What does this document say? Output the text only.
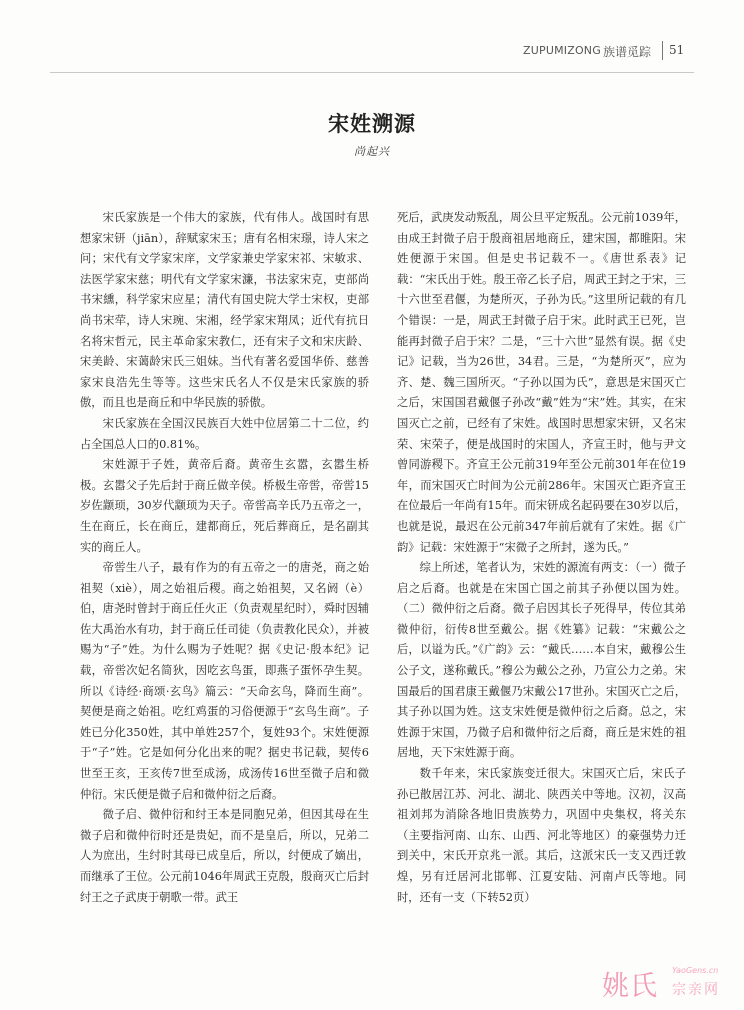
ZUPUMIZONG 族谱觅踪 51
宋姓溯源
尚起兴

宋氏家族是一个伟大的家族，代有伟人。战国时有思想家宋钘（jiān），辞赋家宋玉；唐有名相宋璟，诗人宋之问；宋代有文学家宋庠，文学家兼史学家宋祁、宋敏求、法医学家宋慈；明代有文学家宋濂，书法家宋克，吏部尚书宋纁，科学家宋应星；清代有国史院大学士宋权，吏部尚书宋荦，诗人宋琬、宋湘，经学家宋翔凤；近代有抗日名将宋哲元，民主革命家宋教仁，还有宋子文和宋庆龄、宋美龄、宋蔼龄宋氏三姐妹。当代有著名爱国华侨、慈善家宋良浩先生等等。这些宋氏名人不仅是宋氏家族的骄傲，而且也是商丘和中华民族的骄傲。

宋氏家族在全国汉民族百大姓中位居第二十二位，约占全国总人口的0.81%。

宋姓源于子姓，黄帝后裔。黄帝生玄嚣，玄嚣生桥极。玄嚣父子先后封于商丘做辛侯。桥极生帝喾，帝喾15岁佐颛顼，30岁代颛顼为天子。帝喾高辛氏乃五帝之一，生在商丘，长在商丘，建都商丘，死后葬商丘，是名副其实的商丘人。

帝喾生八子，最有作为的有五帝之一的唐尧，商之始祖契（xiè），周之始祖后稷。商之始祖契，又名阏（è）伯，唐尧时曾封于商丘任火正（负责观星纪时），舜时因辅佐大禹治水有功，封于商丘任司徒（负责教化民众），并被赐为“子”姓。为什么赐为子姓呢？据《史记·殷本纪》记载，帝喾次妃名简狄，因吃玄鸟蛋，即燕子蛋怀孕生契。所以《诗经·商颂·玄鸟》篇云：“天命玄鸟，降而生商”。契便是商之始祖。吃红鸡蛋的习俗便源于“玄鸟生商”。子姓已分化350姓，其中单姓257个，复姓93个。宋姓便源于“子”姓。它是如何分化出来的呢？据史书记载，契传6世至王亥，王亥传7世至成汤，成汤传16世至微子启和微仲衍。宋氏便是微子启和微仲衍之后裔。

微子启、微仲衍和纣王本是同胞兄弟，但因其母在生微子启和微仲衍时还是贵妃，而不是皇后，所以，兄弟二人为庶出，生纣时其母已成皇后，所以，纣便成了嫡出，而继承了王位。公元前1046年周武王克殷，殷商灭亡后封纣王之子武庚于朝歌一带。武王

死后，武庚发动叛乱，周公旦平定叛乱。公元前1039年，由成王封微子启于殷商祖居地商丘，建宋国，都睢阳。宋姓便源于宋国。但是史书记载不一。《唐世系表》记载：“宋氏出于姓。殷王帝乙长子启，周武王封之于宋，三十六世至君偃，为楚所灭，子孙为氏。”这里所记载的有几个错误：一是，周武王封微子启于宋。此时武王已死，岂能再封微子启于宋？二是，“三十六世”显然有误。据《史记》记载，当为26世，34君。三是，“为楚所灭”，应为齐、楚、魏三国所灭。“子孙以国为氏”，意思是宋国灭亡之后，宋国国君戴偃子孙改“戴”姓为“宋”姓。其实，在宋国灭亡之前，已经有了宋姓。战国时思想家宋钘，又名宋荣、宋荣子，便是战国时的宋国人，齐宣王时，他与尹文曾同游稷下。齐宣王公元前319年至公元前301年在位19年，而宋国灭亡时间为公元前286年。宋国灭亡距齐宣王在位最后一年尚有15年。而宋钘成名起码要在30岁以后，也就是说，最迟在公元前347年前后就有了宋姓。据《广韵》记载：宋姓源于“宋微子之所封，遂为氏。”

综上所述，笔者认为，宋姓的源流有两支：（一）微子启之后裔。也就是在宋国亡国之前其子孙便以国为姓。（二）微仲衍之后裔。微子启因其长子死得早，传位其弟微仲衍，衍传8世至戴公。据《姓纂》记载：“宋戴公之后，以谥为氏。”《广韵》云：“戴氏……本自宋，戴穆公生公子文，遂称戴氏。”穆公为戴公之孙，乃宣公力之弟。宋国最后的国君康王戴偃乃宋戴公17世孙。宋国灭亡之后，其子孙以国为姓。这支宋姓便是微仲衍之后裔。总之，宋姓源于宋国，乃微子启和微仲衍之后裔，商丘是宋姓的祖居地，天下宋姓源于商。

数千年来，宋氏家族变迁很大。宋国灭亡后，宋氏子孙已散居江苏、河北、湖北、陕西关中等地。汉初，汉高祖刘邦为消除各地旧贵族势力，巩固中央集权，将关东（主要指河南、山东、山西、河北等地区）的豪强势力迁到关中，宋氏开京兆一派。其后，这派宋氏一支又西迁敦煌，另有迁居河北邯郸、江夏安陆、河南卢氏等地。同时，还有一支（下转52页）

姚氏
YaoGens.cn
宗亲网
